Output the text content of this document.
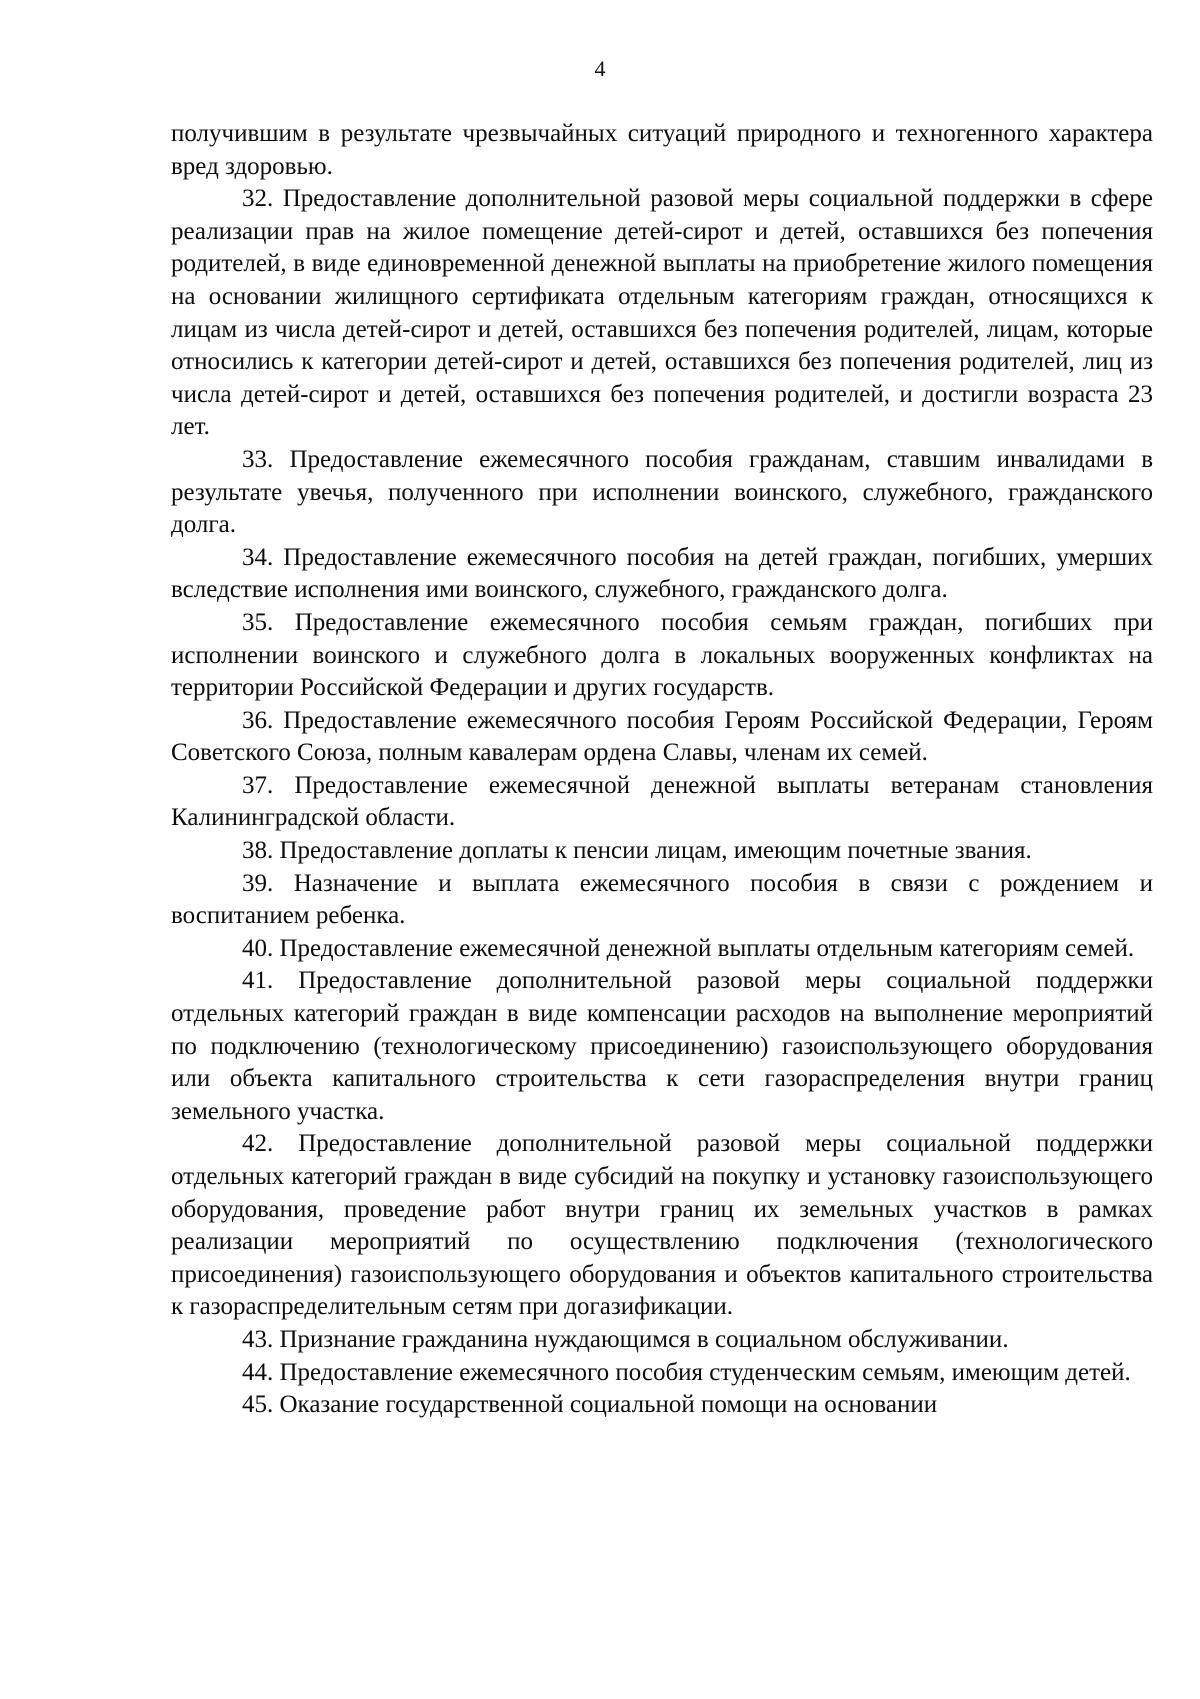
4

получившим в результате чрезвычайных ситуаций природного и техногенного характера вред здоровью.

32. Предоставление дополнительной разовой меры социальной поддержки в сфере реализации прав на жилое помещение детей-сирот и детей, оставшихся без попечения родителей, в виде единовременной денежной выплаты на приобретение жилого помещения на основании жилищного сертификата отдельным категориям граждан, относящихся к лицам из числа детей-сирот и детей, оставшихся без попечения родителей, лицам, которые относились к категории детей-сирот и детей, оставшихся без попечения родителей, лиц из числа детей-сирот и детей, оставшихся без попечения родителей, и достигли возраста 23 лет.

33. Предоставление ежемесячного пособия гражданам, ставшим инвалидами в результате увечья, полученного при исполнении воинского, служебного, гражданского долга.

34. Предоставление ежемесячного пособия на детей граждан, погибших, умерших вследствие исполнения ими воинского, служебного, гражданского долга.

35. Предоставление ежемесячного пособия семьям граждан, погибших при исполнении воинского и служебного долга в локальных вооруженных конфликтах на территории Российской Федерации и других государств.

36. Предоставление ежемесячного пособия Героям Российской Федерации, Героям Советского Союза, полным кавалерам ордена Славы, членам их семей.

37. Предоставление ежемесячной денежной выплаты ветеранам становления Калининградской области.

38. Предоставление доплаты к пенсии лицам, имеющим почетные звания.

39. Назначение и выплата ежемесячного пособия в связи с рождением и воспитанием ребенка.

40. Предоставление ежемесячной денежной выплаты отдельным категориям семей.

41. Предоставление дополнительной разовой меры социальной поддержки отдельных категорий граждан в виде компенсации расходов на выполнение мероприятий по подключению (технологическому присоединению) газоиспользующего оборудования или объекта капитального строительства к сети газораспределения внутри границ земельного участка.

42. Предоставление дополнительной разовой меры социальной поддержки отдельных категорий граждан в виде субсидий на покупку и установку газоиспользующего оборудования, проведение работ внутри границ их земельных участков в рамках реализации мероприятий по осуществлению подключения (технологического присоединения) газоиспользующего оборудования и объектов капитального строительства к газораспределительным сетям при догазификации.

43. Признание гражданина нуждающимся в социальном обслуживании.

44. Предоставление ежемесячного пособия студенческим семьям, имеющим детей.

45. Оказание государственной социальной помощи на основании
